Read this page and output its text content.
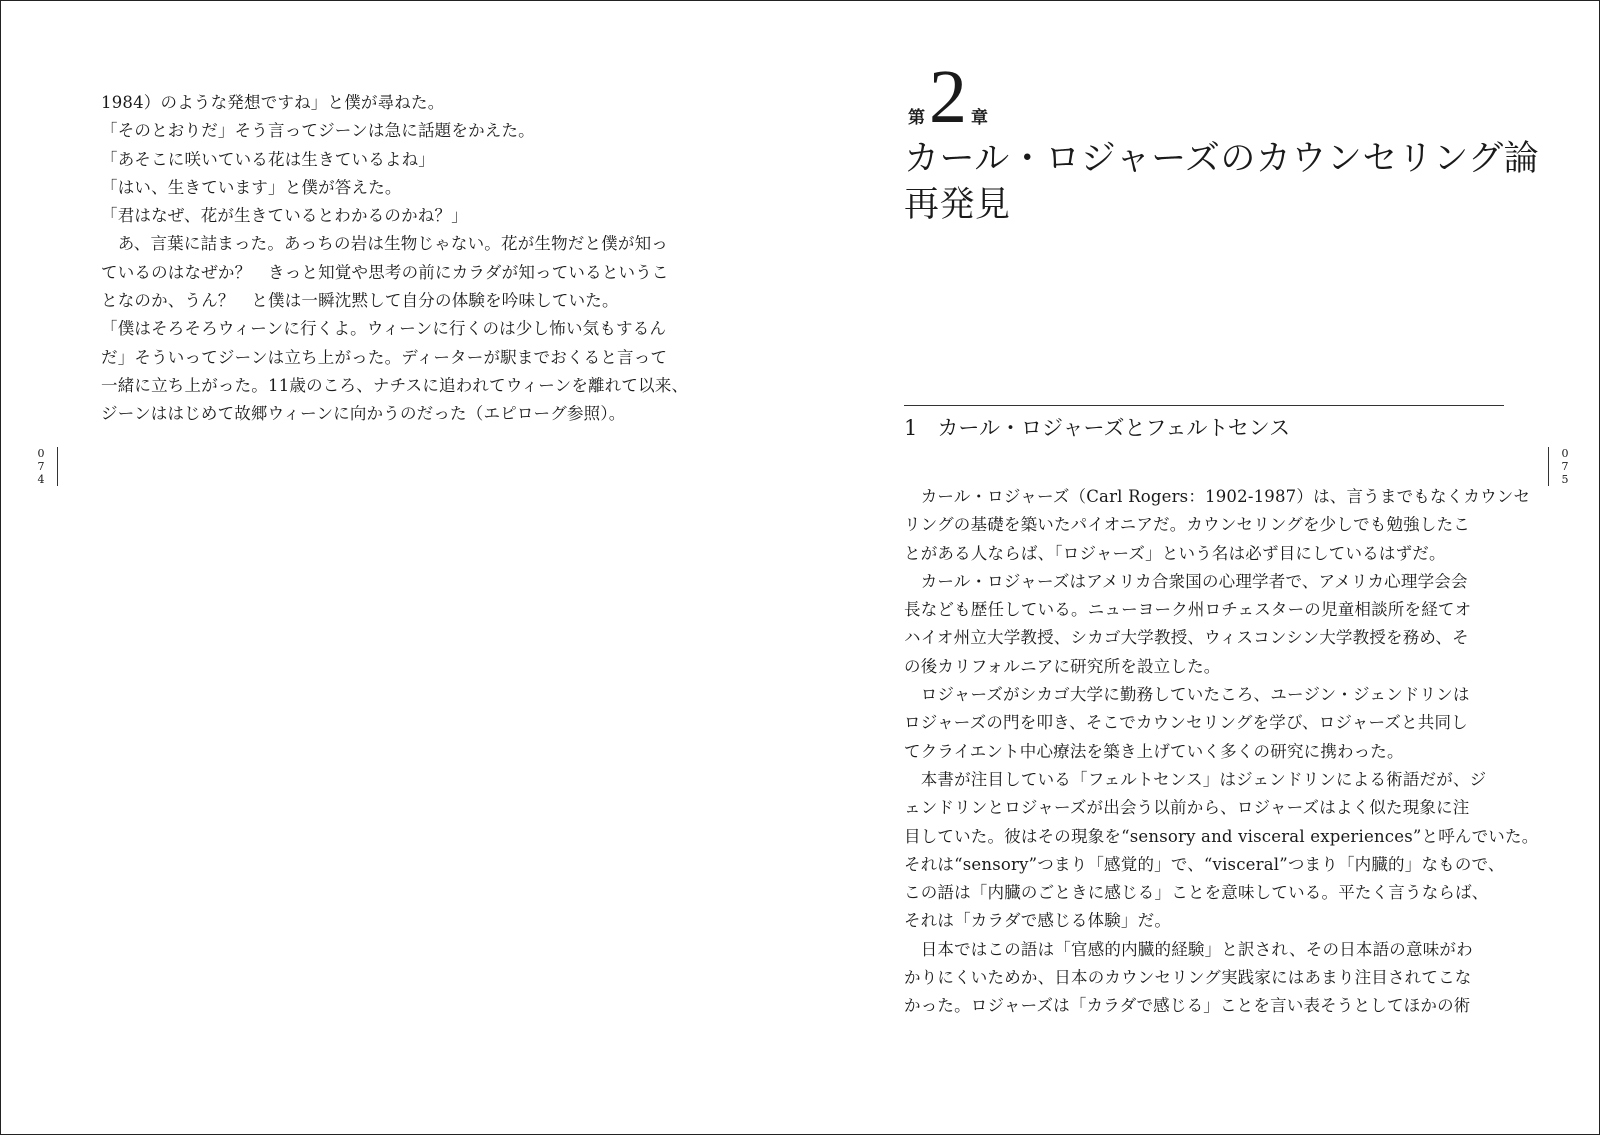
1984）のような発想ですね」と僕が尋ねた。

「そのとおりだ」そう言ってジーンは急に話題をかえた。

「あそこに咲いている花は生きているよね」

「はい、生きています」と僕が答えた。

「君はなぜ、花が生きているとわかるのかね？」

　あ、言葉に詰まった。あっちの岩は生物じゃない。花が生物だと僕が知っ

ているのはなぜか？　きっと知覚や思考の前にカラダが知っているというこ

となのか、うん？　と僕は一瞬沈黙して自分の体験を吟味していた。

「僕はそろそろウィーンに行くよ。ウィーンに行くのは少し怖い気もするん

だ」そういってジーンは立ち上がった。ディーターが駅までおくると言って

一緒に立ち上がった。11歳のころ、ナチスに追われてウィーンを離れて以来、

ジーンははじめて故郷ウィーンに向かうのだった（エピローグ参照）。

0
7
4
第 2 章
カール・ロジャーズのカウンセリング論
再発見
1 カール・ロジャーズとフェルトセンス

　カール・ロジャーズ（Carl Rogers：1902-1987）は、言うまでもなくカウンセ

リングの基礎を築いたパイオニアだ。カウンセリングを少しでも勉強したこ

とがある人ならば、「ロジャーズ」という名は必ず目にしているはずだ。

　カール・ロジャーズはアメリカ合衆国の心理学者で、アメリカ心理学会会

長なども歴任している。ニューヨーク州ロチェスターの児童相談所を経てオ

ハイオ州立大学教授、シカゴ大学教授、ウィスコンシン大学教授を務め、そ

の後カリフォルニアに研究所を設立した。

　ロジャーズがシカゴ大学に勤務していたころ、ユージン・ジェンドリンは

ロジャーズの門を叩き、そこでカウンセリングを学び、ロジャーズと共同し

てクライエント中心療法を築き上げていく多くの研究に携わった。

　本書が注目している「フェルトセンス」はジェンドリンによる術語だが、ジ

ェンドリンとロジャーズが出会う以前から、ロジャーズはよく似た現象に注

目していた。彼はその現象を“sensory and visceral experiences”と呼んでいた。

それは“sensory”つまり「感覚的」で、“visceral”つまり「内臓的」なもので、

この語は「内臓のごときに感じる」ことを意味している。平たく言うならば、

それは「カラダで感じる体験」だ。

　日本ではこの語は「官感的内臓的経験」と訳され、その日本語の意味がわ

かりにくいためか、日本のカウンセリング実践家にはあまり注目されてこな

かった。ロジャーズは「カラダで感じる」ことを言い表そうとしてほかの術

0
7
5
